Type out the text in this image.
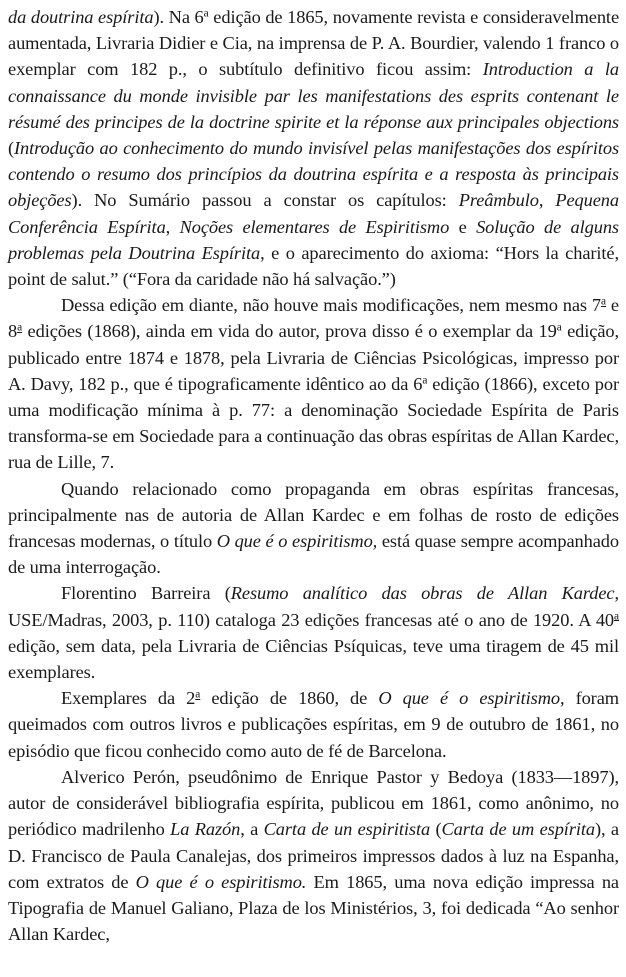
da doutrina espírita). Na 6$^a$ edição de 1865, novamente revista e consideravelmente aumentada, Livraria Didier e Cia, na imprensa de P. A. Bourdier, valendo 1 franco o exemplar com 182 p., o subtítulo definitivo ficou assim: Introduction a la connaissance du monde invisible par les manifestations des esprits contenant le résumé des principes de la doctrine spirite et la réponse aux principales objections (Introdução ao conhecimento do mundo invisível pelas manifestações dos espíritos contendo o resumo dos princípios da doutrina espírita e a resposta às principais objeções). No Sumário passou a constar os capítulos: Preâmbulo, Pequena Conferência Espírita, Noções elementares de Espiritismo e Solução de alguns problemas pela Doutrina Espírita, e o aparecimento do axioma: “Hors la charité, point de salut.” (“Fora da caridade não há salvação.”)

Dessa edição em diante, não houve mais modificações, nem mesmo nas 7$^a$ e 8$^a$ edições (1868), ainda em vida do autor, prova disso é o exemplar da 19$^a$ edição, publicado entre 1874 e 1878, pela Livraria de Ciências Psicológicas, impresso por A. Davy, 182 p., que é tipograficamente idêntico ao da 6$^a$ edição (1866), exceto por uma modificação mínima à p. 77: a denominação Sociedade Espírita de Paris transforma-se em Sociedade para a continuação das obras espíritas de Allan Kardec, rua de Lille, 7.

Quando relacionado como propaganda em obras espíritas francesas, principalmente nas de autoria de Allan Kardec e em folhas de rosto de edições francesas modernas, o título O que é o espiritismo, está quase sempre acompanhado de uma interrogação.

Florentino Barreira (Resumo analítico das obras de Allan Kardec, USE/Madras, 2003, p. 110) cataloga 23 edições francesas até o ano de 1920. A 40$^a$ edição, sem data, pela Livraria de Ciências Psíquicas, teve uma tiragem de 45 mil exemplares.

Exemplares da 2$^a$ edição de 1860, de O que é o espiritismo, foram queimados com outros livros e publicações espíritas, em 9 de outubro de 1861, no episódio que ficou conhecido como auto de fé de Barcelona.

Alverico Perón, pseudônimo de Enrique Pastor y Bedoya (1833–​–1897), autor de considerável bibliografia espírita, publicou em 1861, como anônimo, no periódico madrilenho La Razón, a Carta de un espiritista (Carta de um espírita), a D. Francisco de Paula Canalejas, dos primeiros impressos dados à luz na Espanha, com extratos de O que é o espiritismo. Em 1865, uma nova edição impressa na Tipografia de Manuel Galiano, Plaza de los Ministérios, 3, foi dedicada “Ao senhor Allan Kardec,
